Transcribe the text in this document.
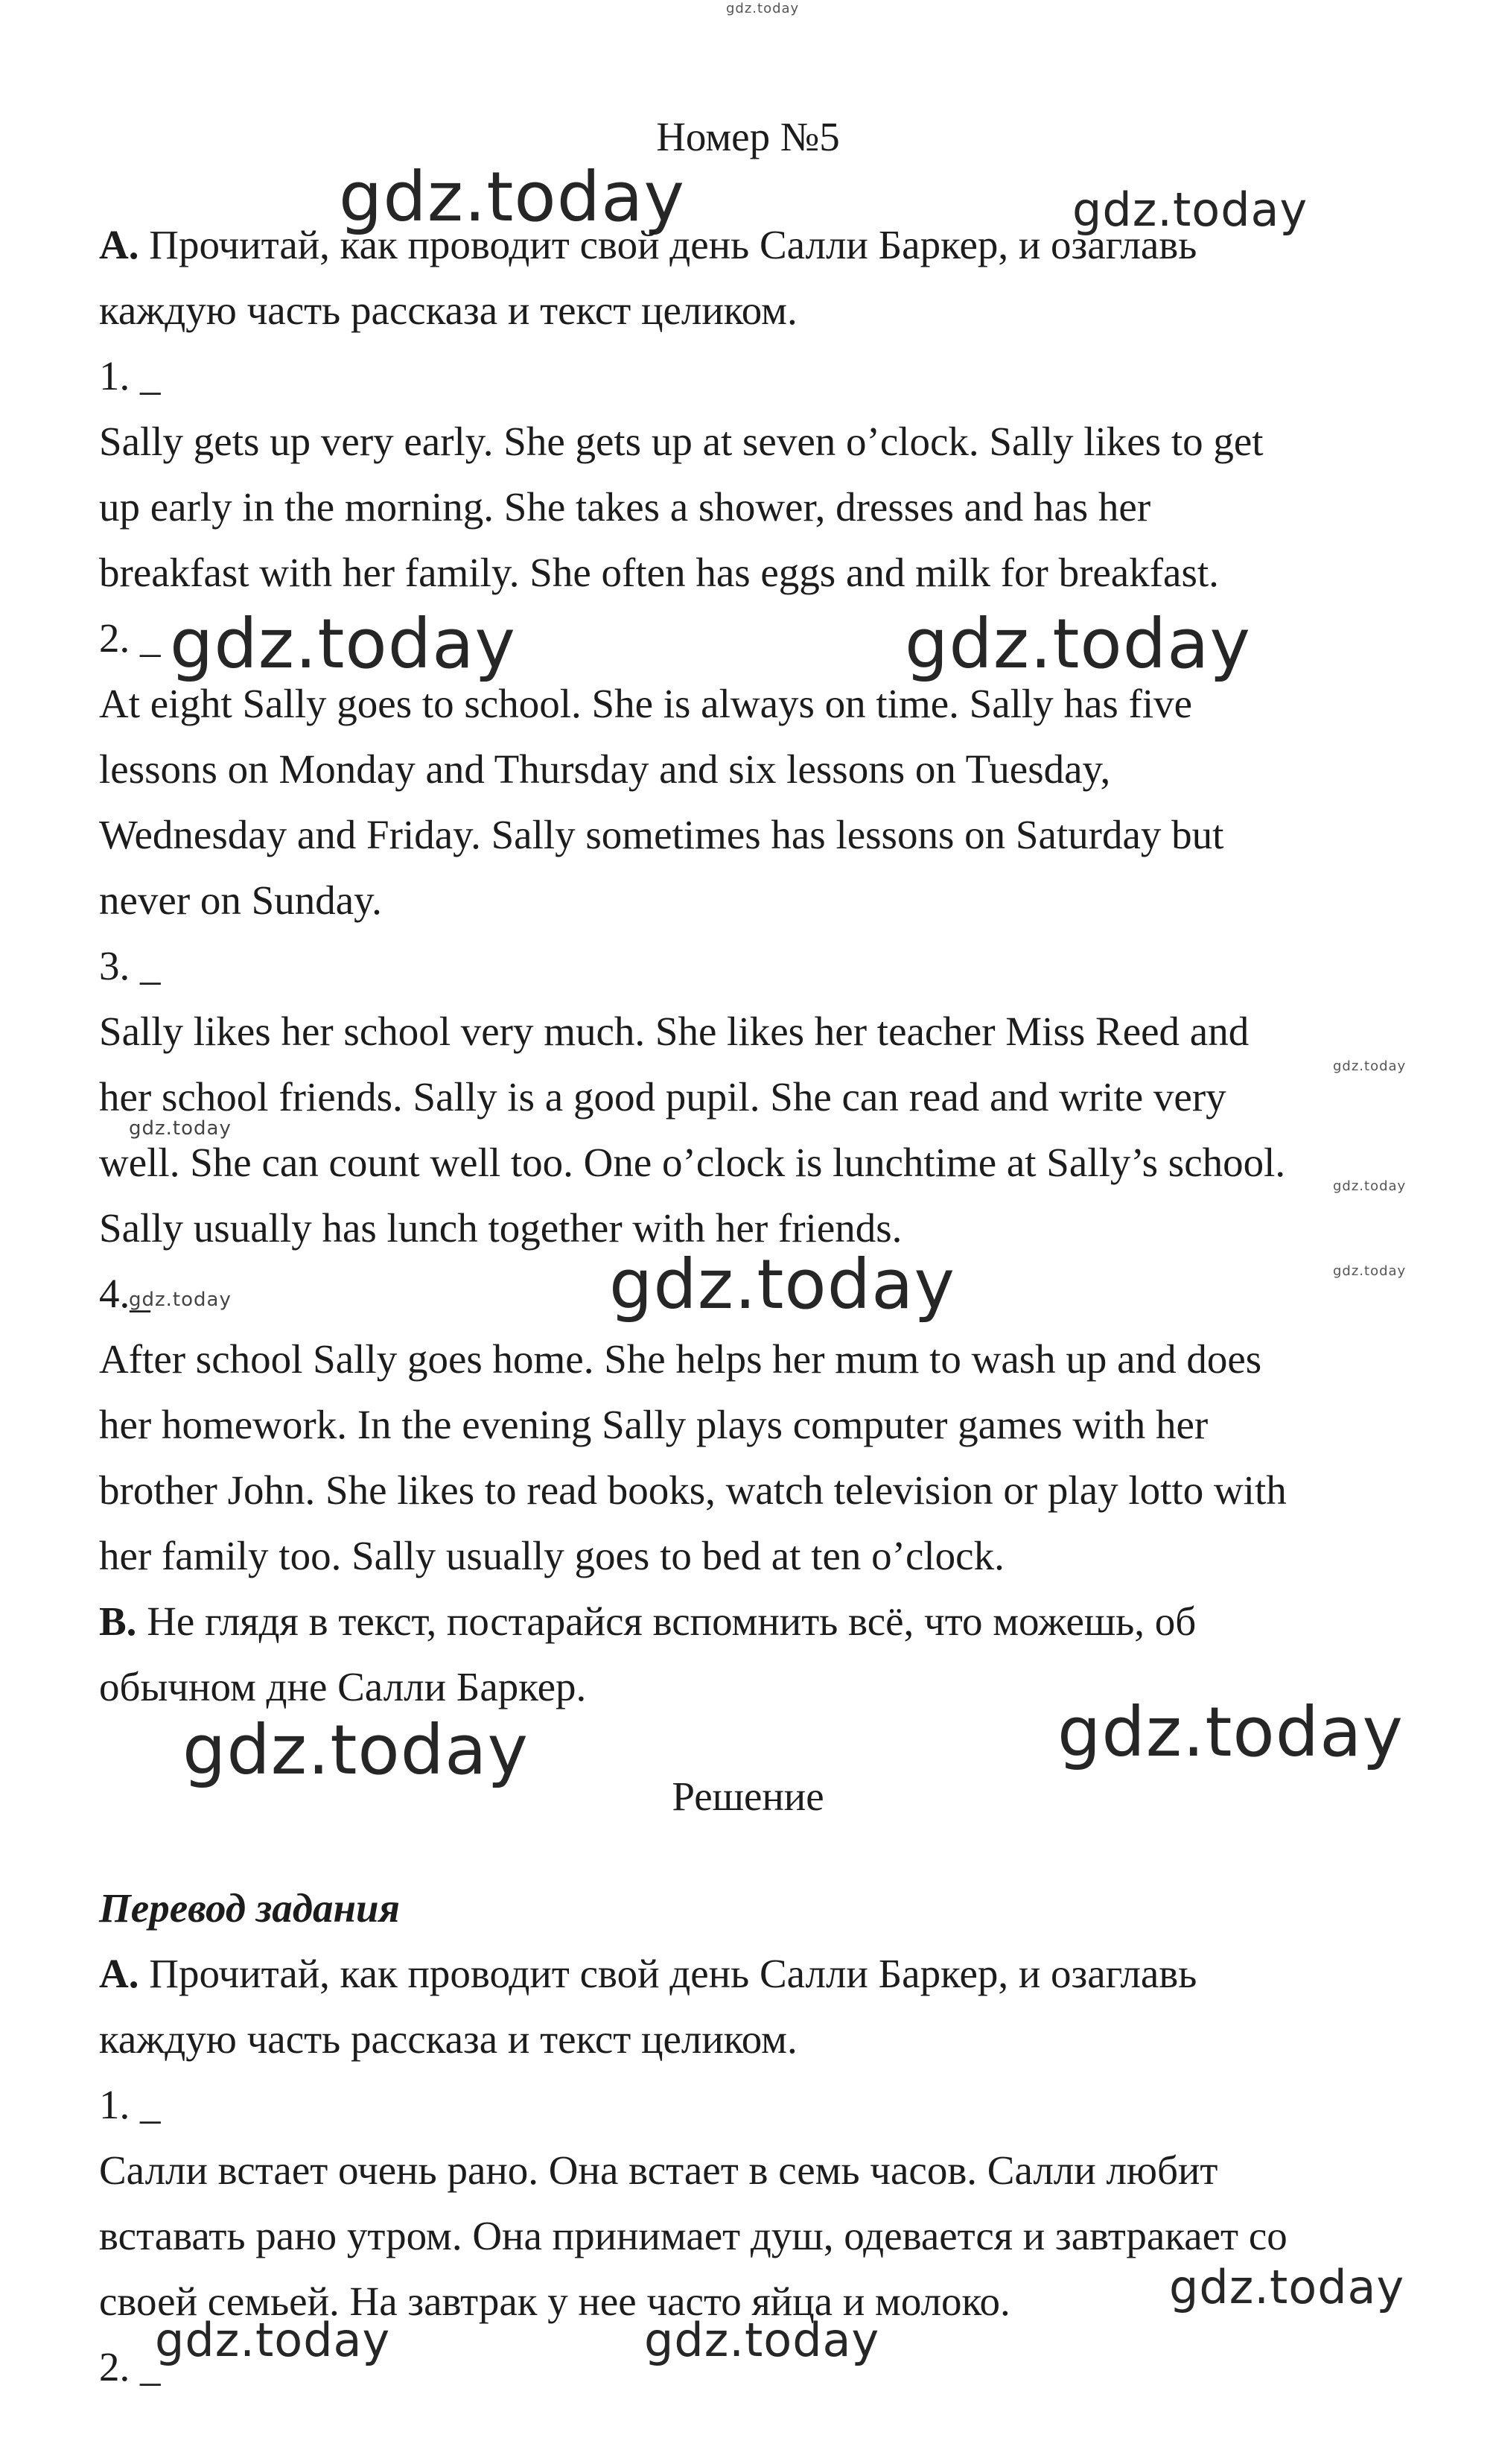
gdz.today
gdz.today	gdz.today
gdz.today	gdz.today
gdz.today
gdz.today
gdz.today
gdz.today	gdz.today
gdz.today
gdz.today
gdz.today
gdz.today
gdz.today	gdz.today
Номер №5
A. Прочитай, как проводит свой день Салли Баркер, и озаглавь
каждую часть рассказа и текст целиком.
1. _
Sally gets up very early. She gets up at seven o’clock. Sally likes to get
up early in the morning. She takes a shower, dresses and has her
breakfast with her family. She often has eggs and milk for breakfast.
2. _
At eight Sally goes to school. She is always on time. Sally has five
lessons on Monday and Thursday and six lessons on Tuesday,
Wednesday and Friday. Sally sometimes has lessons on Saturday but
never on Sunday.
3. _
Sally likes her school very much. She likes her teacher Miss Reed and
her school friends. Sally is a good pupil. She can read and write very
well. She can count well too. One o’clock is lunchtime at Sally’s school.
Sally usually has lunch together with her friends.
4._
After school Sally goes home. She helps her mum to wash up and does
her homework. In the evening Sally plays computer games with her
brother John. She likes to read books, watch television or play lotto with
her family too. Sally usually goes to bed at ten o’clock.
B. Не глядя в текст, постарайся вспомнить всё, что можешь, об
обычном дне Салли Баркер.
Решение
Перевод задания
А. Прочитай, как проводит свой день Салли Баркер, и озаглавь
каждую часть рассказа и текст целиком.
1. _
Салли встает очень рано. Она встает в семь часов. Салли любит
вставать рано утром. Она принимает душ, одевается и завтракает со
своей семьей. На завтрак у нее часто яйца и молоко.
2. _
